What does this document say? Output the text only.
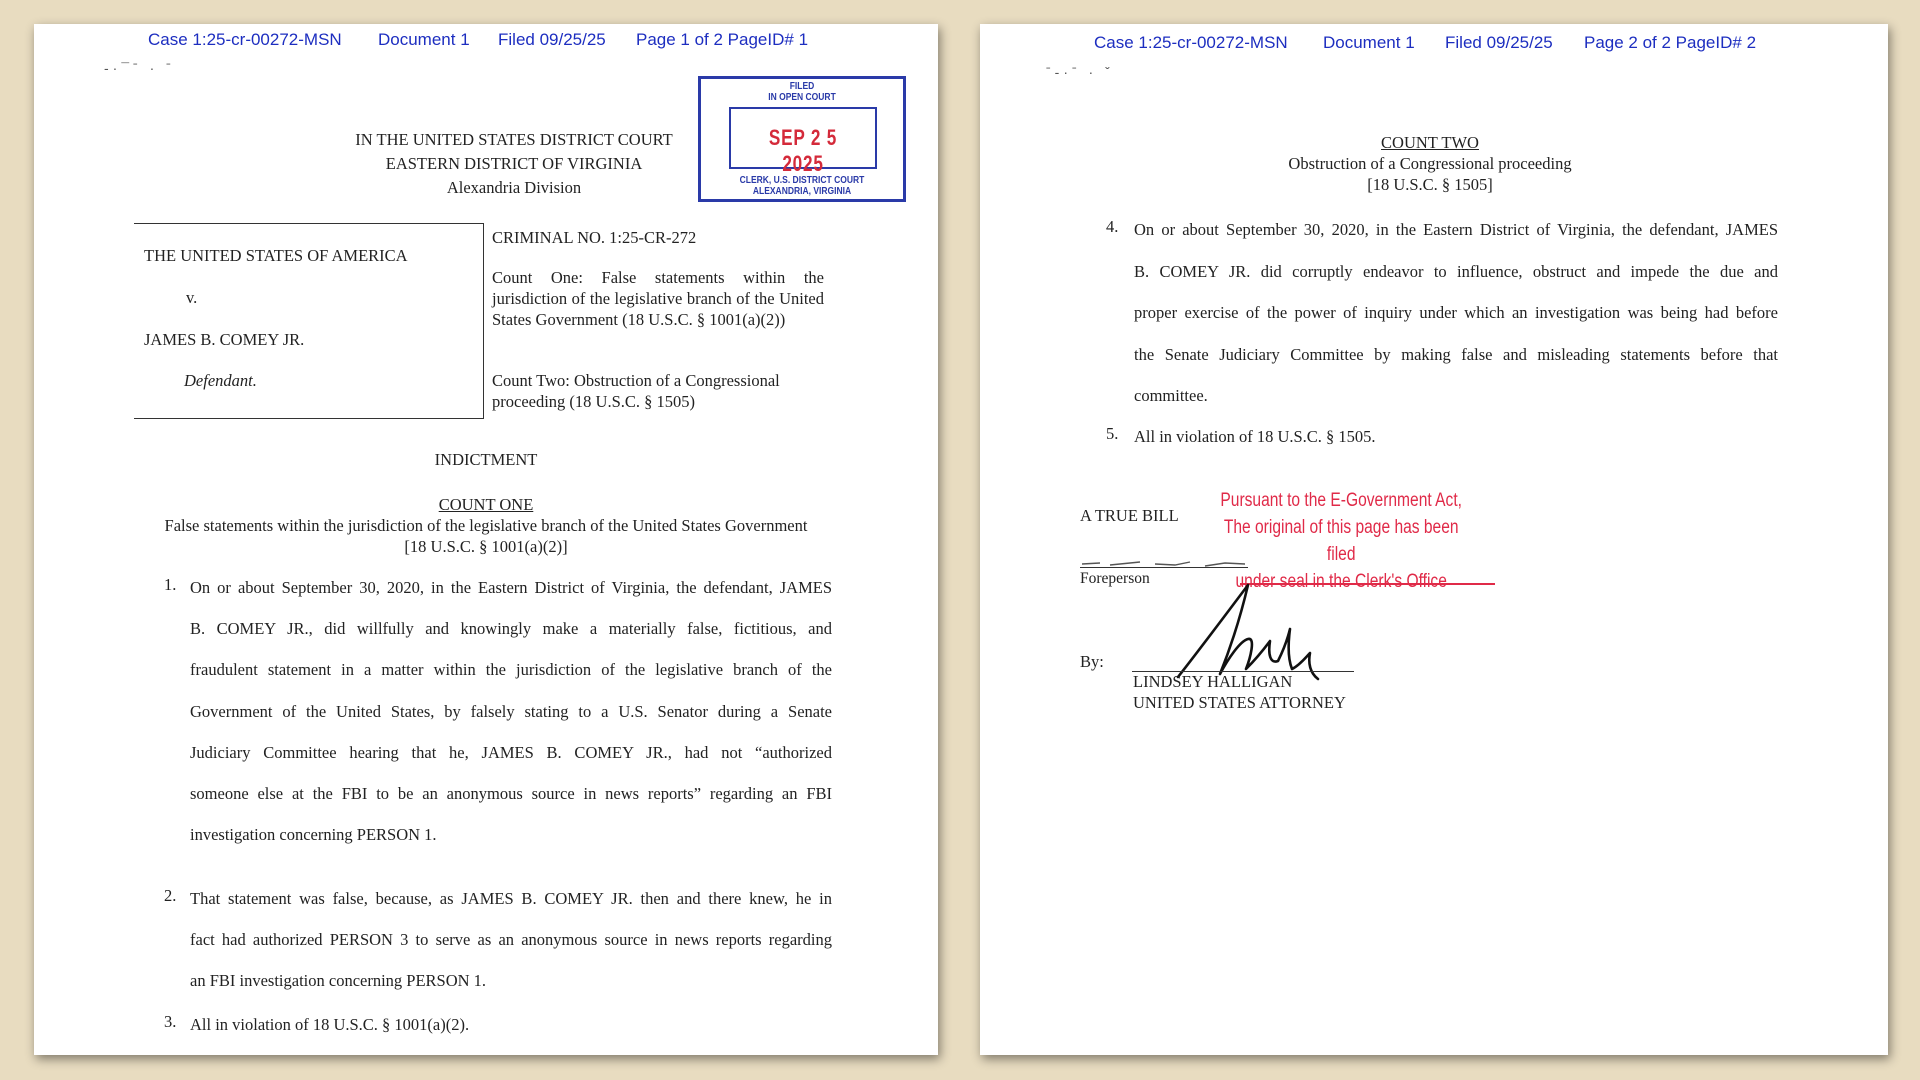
Case 1:25-cr-00272-MSN Document 1 Filed 09/25/25 Page 1 of 2 PageID# 1
-·¯ˉ · ˉ
FILED
IN OPEN COURT
SEP 2 5 2025
CLERK, U.S. DISTRICT COURT
ALEXANDRIA, VIRGINIA
IN THE UNITED STATES DISTRICT COURT
EASTERN DISTRICT OF VIRGINIA
Alexandria Division
THE UNITED STATES OF AMERICA
v.
JAMES B. COMEY JR.
Defendant.
CRIMINAL NO. 1:25-CR-272
Count One: False statements within the jurisdiction of the legislative branch of the United States Government (18 U.S.C. § 1001(a)(2))
Count Two: Obstruction of a Congressional proceeding (18 U.S.C. § 1505)
INDICTMENT
COUNT ONE
False statements within the jurisdiction of the legislative branch of the United States Government
[18 U.S.C. § 1001(a)(2)]
1. On or about September 30, 2020, in the Eastern District of Virginia, the defendant, JAMES
B. COMEY JR., did willfully and knowingly make a materially false, fictitious, and
fraudulent statement in a matter within the jurisdiction of the legislative branch of the
Government of the United States, by falsely stating to a U.S. Senator during a Senate
Judiciary Committee hearing that he, JAMES B. COMEY JR., had not “authorized
someone else at the FBI to be an anonymous source in news reports” regarding an FBI
investigation concerning PERSON 1.
2. That statement was false, because, as JAMES B. COMEY JR. then and there knew, he in
fact had authorized PERSON 3 to serve as an anonymous source in news reports regarding
an FBI investigation concerning PERSON 1.
3. All in violation of 18 U.S.C. § 1001(a)(2).
Case 1:25-cr-00272-MSN Document 1 Filed 09/25/25 Page 2 of 2 PageID# 2
ˉ-·ˉ · ˇ
COUNT TWO
Obstruction of a Congressional proceeding
[18 U.S.C. § 1505]
4. On or about September 30, 2020, in the Eastern District of Virginia, the defendant, JAMES
B. COMEY JR. did corruptly endeavor to influence, obstruct and impede the due and
proper exercise of the power of inquiry under which an investigation was being had before
the Senate Judiciary Committee by making false and misleading statements before that
committee.
5. All in violation of 18 U.S.C. § 1505.
A TRUE BILL
Pursuant to the E-Government Act,
The original of this page has been filed
under seal in the Clerk's Office
Foreperson
By:
LINDSEY HALLIGAN
UNITED STATES ATTORNEY
